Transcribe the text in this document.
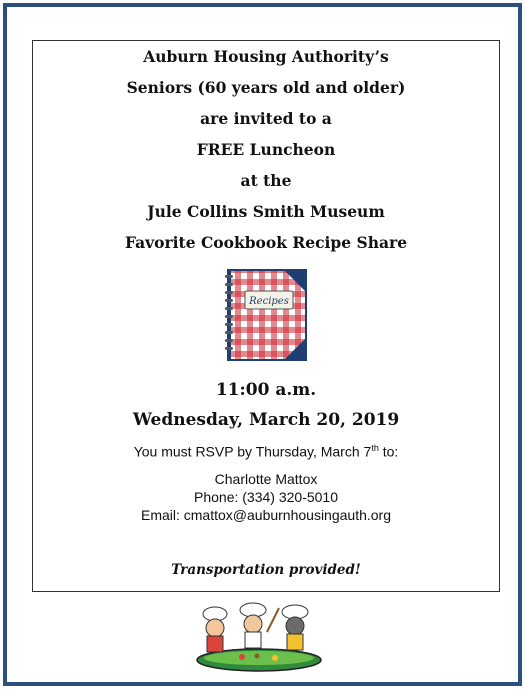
Auburn Housing Authority’s
Seniors (60 years old and older)
are invited to a
FREE Luncheon
at the
Jule Collins Smith Museum
Favorite Cookbook Recipe Share
Recipes
11:00 a.m.
Wednesday, March 20, 2019
You must RSVP by Thursday, March 7th to:
Charlotte Mattox
Phone: (334) 320-5010
Email: cmattox@auburnhousingauth.org
Transportation provided!
